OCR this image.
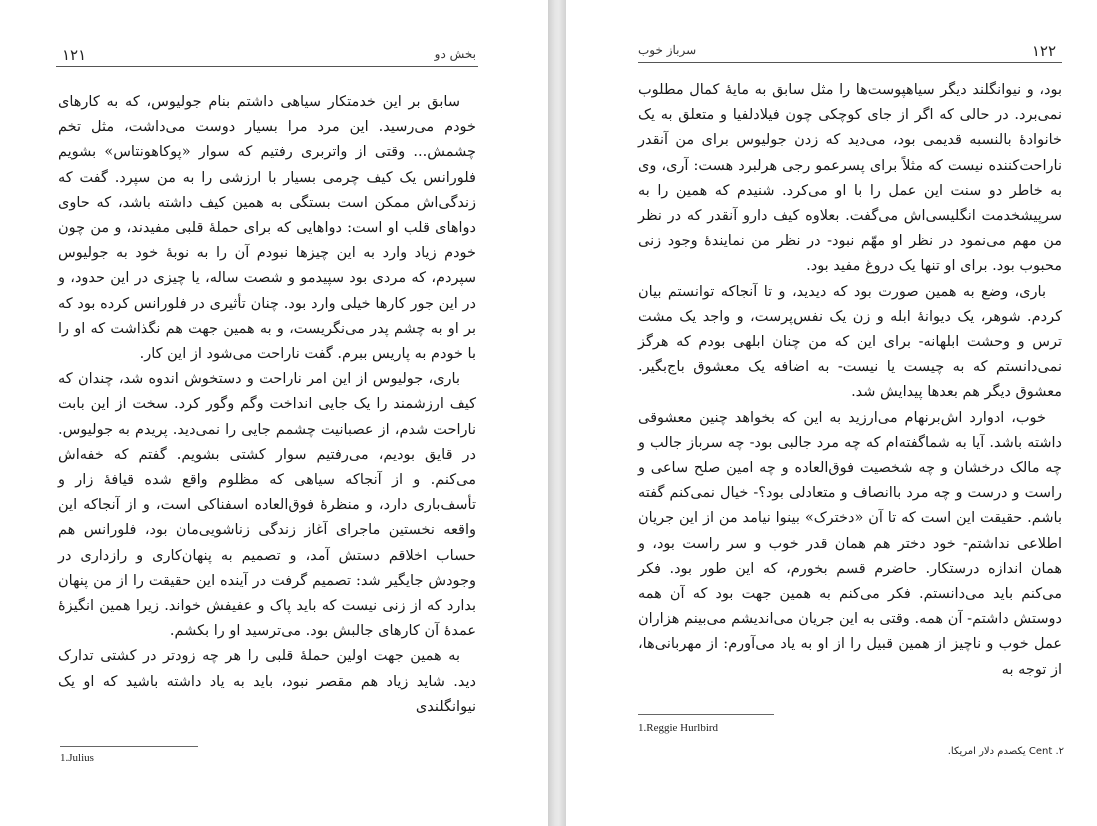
۱۲۱	بخش دو

سابق بر این خدمتکار سیاهی داشتم بنام جولیوس، که به کارهای خودم می‌رسید. این مرد مرا بسیار دوست می‌داشت، مثل تخم چشمش... وقتی از واتربری رفتیم که سوار «پوکاهونتاس» بشویم فلورانس یک کیف چرمی بسیار با ارزشی را به من سپرد. گفت که زندگی‌اش ممکن است بستگی به همین کیف داشته باشد، که حاوی دواهای قلب او است: دواهایی که برای حملهٔ قلبی مفیدند، و من چون خودم زیاد وارد به این چیزها نبودم آن را به نوبهٔ خود به جولیوس سپردم، که مردی بود سپیدمو و شصت ساله، یا چیزی در این حدود، و در این جور کارها خیلی وارد بود. چنان تأثیری در فلورانس کرده بود که بر او به چشم پدر می‌نگریست، و به همین جهت هم نگذاشت که او را با خودم به پاریس ببرم. گفت ناراحت می‌شود از این کار.

باری، جولیوس از این امر ناراحت و دستخوش اندوه شد، چندان که کیف ارزشمند را یک جایی انداخت وگم وگور کرد. سخت از این بابت ناراحت شدم، از عصبانیت چشمم جایی را نمی‌دید. پریدم به جولیوس. در قایق بودیم، می‌رفتیم سوار کشتی بشویم. گفتم که خفه‌اش می‌کنم. و از آنجاکه سیاهی که مظلوم واقع شده قیافهٔ زار و تأسف‌باری دارد، و منظرهٔ فوق‌العاده اسفناکی است، و از آنجاکه این واقعه نخستین ماجرای آغاز زندگی زناشویی‌مان بود، فلورانس هم حساب اخلاقم دستش آمد، و تصمیم به پنهان‌کاری و رازداری در وجودش جایگیر شد: تصمیم گرفت در آینده این حقیقت را از من پنهان بدارد که از زنی نیست که باید پاک و عفیفش خواند. زیرا همین انگیزهٔ عمدهٔ آن کارهای جالبش بود. می‌ترسید او را بکشم.

به همین جهت اولین حملهٔ قلبی را هر چه زودتر در کشتی تدارک دید. شاید زیاد هم مقصر نبود، باید به یاد داشته باشید که او یک نیوانگلندی

1.Julius
سرباز خوب	۱۲۲

بود، و نیوانگلند دیگر سیاهپوست‌ها را مثل سابق به مایهٔ کمال مطلوب نمی‌برد. در حالی که اگر از جای کوچکی چون فیلادلفیا و متعلق به یک خانوادهٔ بالنسبه قدیمی بود، می‌دید که زدن جولیوس برای من آنقدر ناراحت‌کننده نیست که مثلاً برای پسرعمو رجی هرلبرد هست: آری، وی به خاطر دو سنت این عمل را با او می‌کرد. شنیدم که همین را به سرپیشخدمت انگلیسی‌اش می‌گفت. بعلاوه کیف دارو آنقدر که در نظر من مهم می‌نمود در نظر او مهّم نبود- در نظر من نمایندهٔ وجود زنی محبوب بود. برای او تنها یک دروغ مفید بود.

باری، وضع به همین صورت بود که دیدید، و تا آنجاکه توانستم بیان کردم. شوهر، یک دیوانهٔ ابله و زن یک نفس‌پرست، و واجد یک مشت ترس و وحشت ابلهانه- برای این که من چنان ابلهی بودم که هرگز نمی‌دانستم که به چیست یا نیست- به اضافه یک معشوق باج‌بگیر. معشوق دیگر هم بعدها پیدایش شد.

خوب، ادوارد اش‌برنهام می‌ارزید به این که بخواهد چنین معشوقی داشته باشد. آیا به شماگفته‌ام که چه مرد جالبی بود- چه سرباز جالب و چه مالک درخشان و چه شخصیت فوق‌العاده و چه امین صلح ساعی و راست و درست و چه مرد باانصاف و متعادلی بود؟- خیال نمی‌کنم گفته باشم. حقیقت این است که تا آن «دخترک» بینوا نیامد من از این جریان اطلاعی نداشتم- خود دختر هم همان قدر خوب و سر راست بود، و همان اندازه درستکار. حاضرم قسم بخورم، که این طور بود. فکر می‌کنم باید می‌دانستم. فکر می‌کنم به همین جهت بود که آن همه دوستش داشتم- آن همه. وقتی به این جریان می‌اندیشم می‌بینم هزاران عمل خوب و ناچیز از همین قبیل را از او به یاد می‌آورم: از مهربانی‌ها، از توجه به

1.Reggie Hurlbird
۲. Cent یکصدم دلار امریکا.
